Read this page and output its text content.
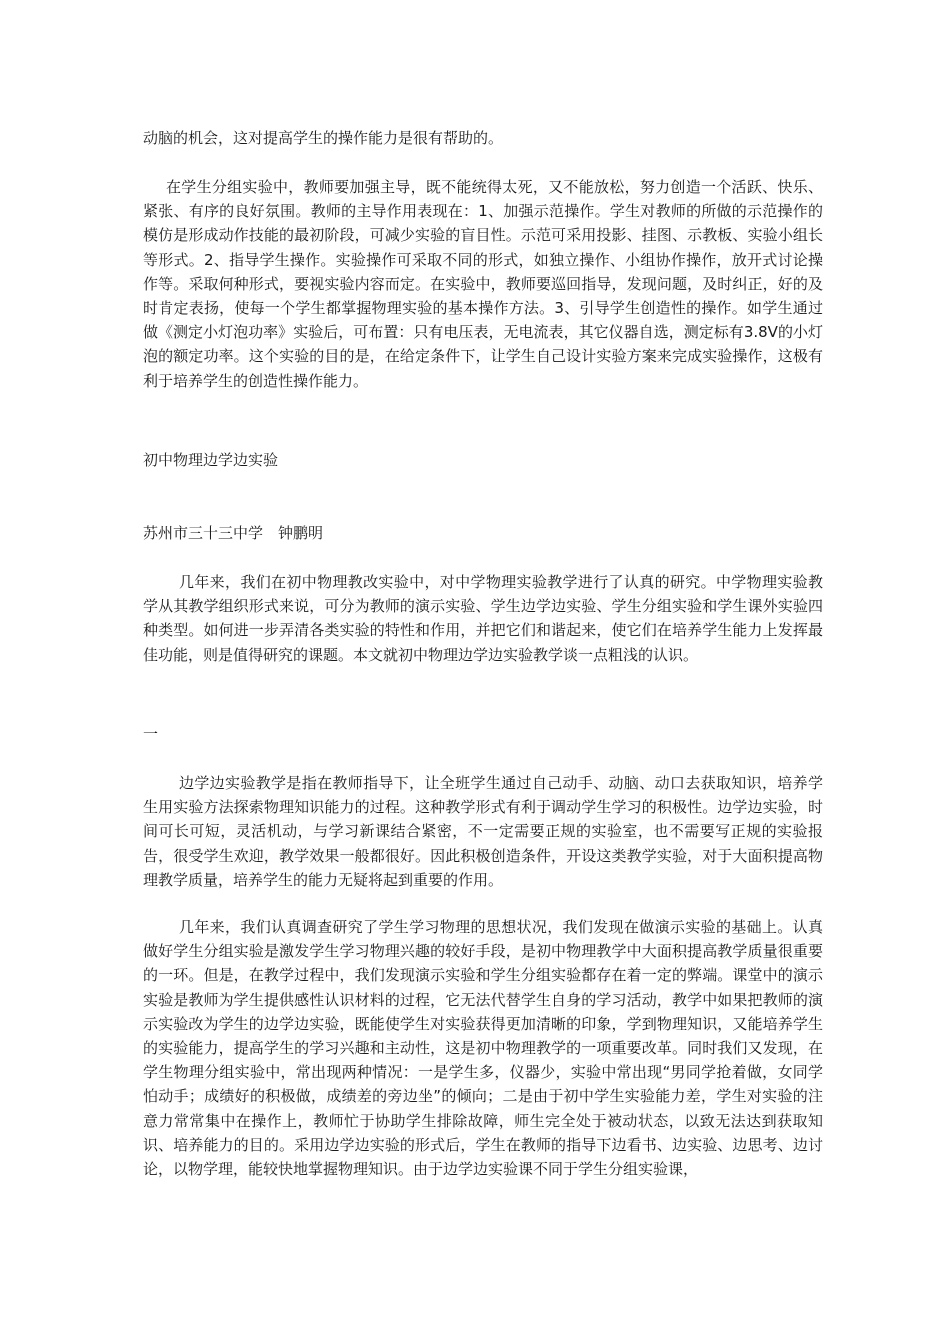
动脑的机会，这对提高学生的操作能力是很有帮助的。

在学生分组实验中，教师要加强主导，既不能统得太死，又不能放松，努力创造一个活跃、快乐、紧张、有序的良好氛围。教师的主导作用表现在：1、加强示范操作。学生对教师的所做的示范操作的模仿是形成动作技能的最初阶段，可减少实验的盲目性。示范可采用投影、挂图、示教板、实验小组长等形式。2、指导学生操作。实验操作可采取不同的形式，如独立操作、小组协作操作，放开式讨论操作等。采取何种形式，要视实验内容而定。在实验中，教师要巡回指导，发现问题，及时纠正，好的及时肯定表扬，使每一个学生都掌握物理实验的基本操作方法。3、引导学生创造性的操作。如学生通过做《测定小灯泡功率》实验后，可布置：只有电压表，无电流表，其它仪器自选，测定标有3.8V的小灯泡的额定功率。这个实验的目的是，在给定条件下，让学生自己设计实验方案来完成实验操作，这极有利于培养学生的创造性操作能力。

初中物理边学边实验

苏州市三十三中学　钟鹏明

几年来，我们在初中物理教改实验中，对中学物理实验教学进行了认真的研究。中学物理实验教学从其教学组织形式来说，可分为教师的演示实验、学生边学边实验、学生分组实验和学生课外实验四种类型。如何进一步弄清各类实验的特性和作用，并把它们和谐起来，使它们在培养学生能力上发挥最佳功能，则是值得研究的课题。本文就初中物理边学边实验教学谈一点粗浅的认识。

一

边学边实验教学是指在教师指导下，让全班学生通过自己动手、动脑、动口去获取知识，培养学生用实验方法探索物理知识能力的过程。这种教学形式有利于调动学生学习的积极性。边学边实验，时间可长可短，灵活机动，与学习新课结合紧密，不一定需要正规的实验室，也不需要写正规的实验报告，很受学生欢迎，教学效果一般都很好。因此积极创造条件，开设这类教学实验，对于大面积提高物理教学质量，培养学生的能力无疑将起到重要的作用。

几年来，我们认真调查研究了学生学习物理的思想状况，我们发现在做演示实验的基础上。认真做好学生分组实验是激发学生学习物理兴趣的较好手段，是初中物理教学中大面积提高教学质量很重要的一环。但是，在教学过程中，我们发现演示实验和学生分组实验都存在着一定的弊端。课堂中的演示实验是教师为学生提供感性认识材料的过程，它无法代替学生自身的学习活动，教学中如果把教师的演示实验改为学生的边学边实验，既能使学生对实验获得更加清晰的印象，学到物理知识，又能培养学生的实验能力，提高学生的学习兴趣和主动性，这是初中物理教学的一项重要改革。同时我们又发现，在学生物理分组实验中，常出现两种情况：一是学生多，仪器少，实验中常出现“男同学抢着做，女同学怕动手；成绩好的积极做，成绩差的旁边坐”的倾向；二是由于初中学生实验能力差，学生对实验的注意力常常集中在操作上，教师忙于协助学生排除故障，师生完全处于被动状态，以致无法达到获取知识、培养能力的目的。采用边学边实验的形式后，学生在教师的指导下边看书、边实验、边思考、边讨论，以物学理，能较快地掌握物理知识。由于边学边实验课不同于学生分组实验课，
